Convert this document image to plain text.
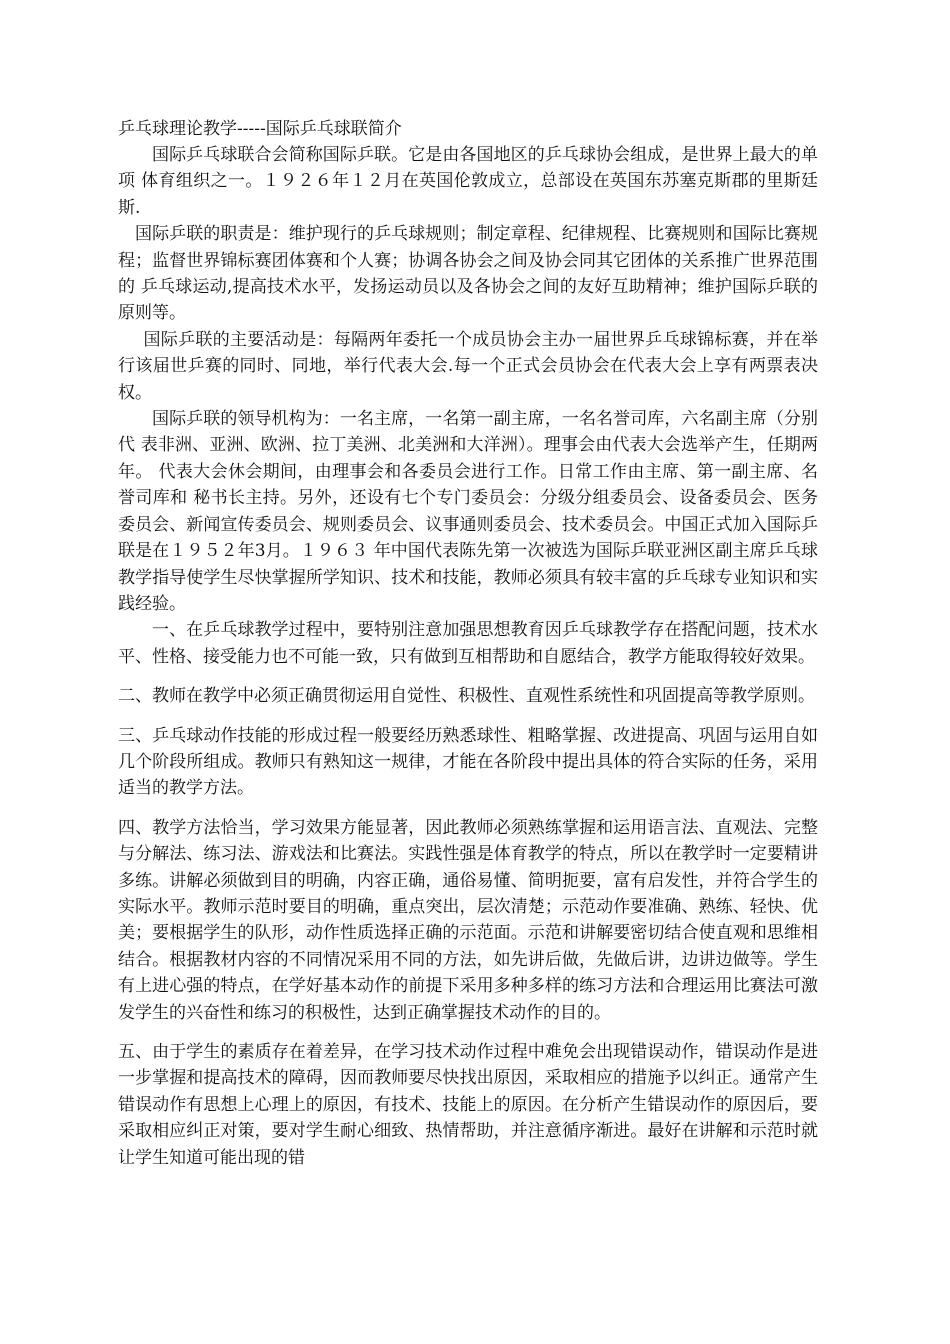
乒乓球理论教学-----国际乒乓球联简介

国际乒乓球联合会简称国际乒联。它是由各国地区的乒乓球协会组成，是世界上最大的单项 体育组织之一。１９２６年１２月在英国伦敦成立，总部设在英国东苏塞克斯郡的里斯廷斯.

国际乒联的职责是：维护现行的乒乓球规则；制定章程、纪律规程、比赛规则和国际比赛规程；监督世界锦标赛团体赛和个人赛；协调各协会之间及协会同其它团体的关系推广世界范围的 乒乓球运动,提高技术水平，发扬运动员以及各协会之间的友好互助精神；维护国际乒联的原则等。

国际乒联的主要活动是：每隔两年委托一个成员协会主办一届世界乒乓球锦标赛，并在举行该届世乒赛的同时、同地，举行代表大会.每一个正式会员协会在代表大会上享有两票表决权。

国际乒联的领导机构为：一名主席，一名第一副主席，一名名誉司库，六名副主席（分别代 表非洲、亚洲、欧洲、拉丁美洲、北美洲和大洋洲）。理事会由代表大会选举产生，任期两年。 代表大会休会期间，由理事会和各委员会进行工作。日常工作由主席、第一副主席、名誉司库和 秘书长主持。另外，还设有七个专门委员会：分级分组委员会、设备委员会、医务委员会、新闻宣传委员会、规则委员会、议事通则委员会、技术委员会。中国正式加入国际乒联是在１９５２年3月。１９６３ 年中国代表陈先第一次被选为国际乒联亚洲区副主席乒乓球教学指导使学生尽快掌握所学知识、技术和技能，教师必须具有较丰富的乒乓球专业知识和实践经验。

一、在乒乓球教学过程中，要特别注意加强思想教育因乒乓球教学存在搭配问题，技术水平、性格、接受能力也不可能一致，只有做到互相帮助和自愿结合，教学方能取得较好效果。

二、教师在教学中必须正确贯彻运用自觉性、积极性、直观性系统性和巩固提高等教学原则。

三、乒乓球动作技能的形成过程一般要经历熟悉球性、粗略掌握、改进提高、巩固与运用自如几个阶段所组成。教师只有熟知这一规律，才能在各阶段中提出具体的符合实际的任务，采用适当的教学方法。

四、教学方法恰当，学习效果方能显著，因此教师必须熟练掌握和运用语言法、直观法、完整与分解法、练习法、游戏法和比赛法。实践性强是体育教学的特点，所以在教学时一定要精讲多练。讲解必须做到目的明确，内容正确，通俗易懂、简明扼要，富有启发性，并符合学生的实际水平。教师示范时要目的明确，重点突出，层次清楚；示范动作要准确、熟练、轻快、优美；要根据学生的队形，动作性质选择正确的示范面。示范和讲解要密切结合使直观和思维相结合。根据教材内容的不同情况采用不同的方法，如先讲后做，先做后讲，边讲边做等。学生有上进心强的特点，在学好基本动作的前提下采用多种多样的练习方法和合理运用比赛法可激发学生的兴奋性和练习的积极性，达到正确掌握技术动作的目的。

五、由于学生的素质存在着差异，在学习技术动作过程中难免会出现错误动作，错误动作是进一步掌握和提高技术的障碍，因而教师要尽快找出原因，采取相应的措施予以纠正。通常产生错误动作有思想上心理上的原因，有技术、技能上的原因。在分析产生错误动作的原因后，要采取相应纠正对策，要对学生耐心细致、热情帮助，并注意循序渐进。最好在讲解和示范时就让学生知道可能出现的错
